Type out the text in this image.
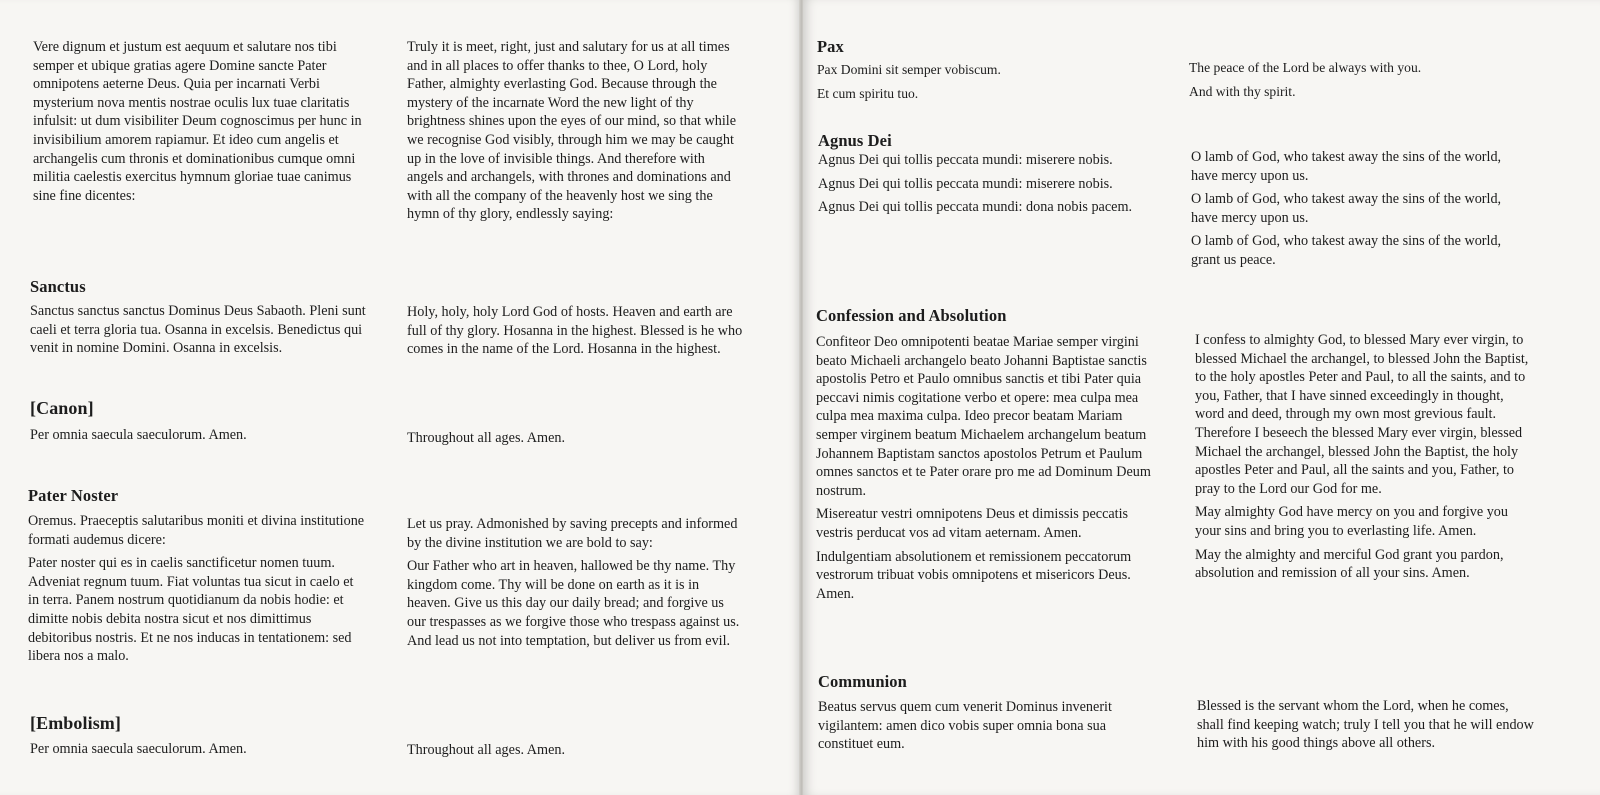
Vere dignum et justum est aequum et salutare nos tibi semper et ubique gratias agere Domine sancte Pater omnipotens aeterne Deus. Quia per incarnati Verbi mysterium nova mentis nostrae oculis lux tuae claritatis infulsit: ut dum visibiliter Deum cognoscimus per hunc in invisibilium amorem rapiamur. Et ideo cum angelis et archangelis cum thronis et dominationibus cumque omni militia caelestis exercitus hymnum gloriae tuae canimus sine fine dicentes:

Truly it is meet, right, just and salutary for us at all times and in all places to offer thanks to thee, O Lord, holy Father, almighty everlasting God. Because through the mystery of the incarnate Word the new light of thy brightness shines upon the eyes of our mind, so that while we recognise God visibly, through him we may be caught up in the love of invisible things. And therefore with angels and archangels, with thrones and dominations and with all the company of the heavenly host we sing the hymn of thy glory, endlessly saying:

Sanctus

Sanctus sanctus sanctus Dominus Deus Sabaoth. Pleni sunt caeli et terra gloria tua. Osanna in excelsis. Benedictus qui venit in nomine Domini. Osanna in excelsis.

Holy, holy, holy Lord God of hosts. Heaven and earth are full of thy glory. Hosanna in the highest. Blessed is he who comes in the name of the Lord. Hosanna in the highest.

[Canon]

Per omnia saecula saeculorum. Amen.	Throughout all ages. Amen.

Pater Noster

Oremus. Praeceptis salutaribus moniti et divina institutione formati audemus dicere:

Pater noster qui es in caelis sanctificetur nomen tuum. Adveniat regnum tuum. Fiat voluntas tua sicut in caelo et in terra. Panem nostrum quotidianum da nobis hodie: et dimitte nobis debita nostra sicut et nos dimittimus debitoribus nostris. Et ne nos inducas in tentationem: sed libera nos a malo.

Let us pray. Admonished by saving precepts and informed by the divine institution we are bold to say:

Our Father who art in heaven, hallowed be thy name. Thy kingdom come. Thy will be done on earth as it is in heaven. Give us this day our daily bread; and forgive us our trespasses as we forgive those who trespass against us. And lead us not into temptation, but deliver us from evil.

[Embolism]

Per omnia saecula saeculorum. Amen.	Throughout all ages. Amen.

Pax

Pax Domini sit semper vobiscum.

Et cum spiritu tuo.

The peace of the Lord be always with you.

And with thy spirit.

Agnus Dei

Agnus Dei qui tollis peccata mundi: miserere nobis.

Agnus Dei qui tollis peccata mundi: miserere nobis.

Agnus Dei qui tollis peccata mundi: dona nobis pacem.

O lamb of God, who takest away the sins of the world, have mercy upon us.

O lamb of God, who takest away the sins of the world, have mercy upon us.

O lamb of God, who takest away the sins of the world, grant us peace.

Confession and Absolution

Confiteor Deo omnipotenti beatae Mariae semper virgini beato Michaeli archangelo beato Johanni Baptistae sanctis apostolis Petro et Paulo omnibus sanctis et tibi Pater quia peccavi nimis cogitatione verbo et opere: mea culpa mea culpa mea maxima culpa. Ideo precor beatam Mariam semper virginem beatum Michaelem archangelum beatum Johannem Baptistam sanctos apostolos Petrum et Paulum omnes sanctos et te Pater orare pro me ad Dominum Deum nostrum.

Misereatur vestri omnipotens Deus et dimissis peccatis vestris perducat vos ad vitam aeternam. Amen.

Indulgentiam absolutionem et remissionem peccatorum vestrorum tribuat vobis omnipotens et misericors Deus. Amen.

I confess to almighty God, to blessed Mary ever virgin, to blessed Michael the archangel, to blessed John the Baptist, to the holy apostles Peter and Paul, to all the saints, and to you, Father, that I have sinned exceedingly in thought, word and deed, through my own most grevious fault. Therefore I beseech the blessed Mary ever virgin, blessed Michael the archangel, blessed John the Baptist, the holy apostles Peter and Paul, all the saints and you, Father, to pray to the Lord our God for me.

May almighty God have mercy on you and forgive you your sins and bring you to everlasting life. Amen.

May the almighty and merciful God grant you pardon, absolution and remission of all your sins. Amen.

Communion

Beatus servus quem cum venerit Dominus invenerit vigilantem: amen dico vobis super omnia bona sua constituet eum.

Blessed is the servant whom the Lord, when he comes, shall find keeping watch; truly I tell you that he will endow him with his good things above all others.
